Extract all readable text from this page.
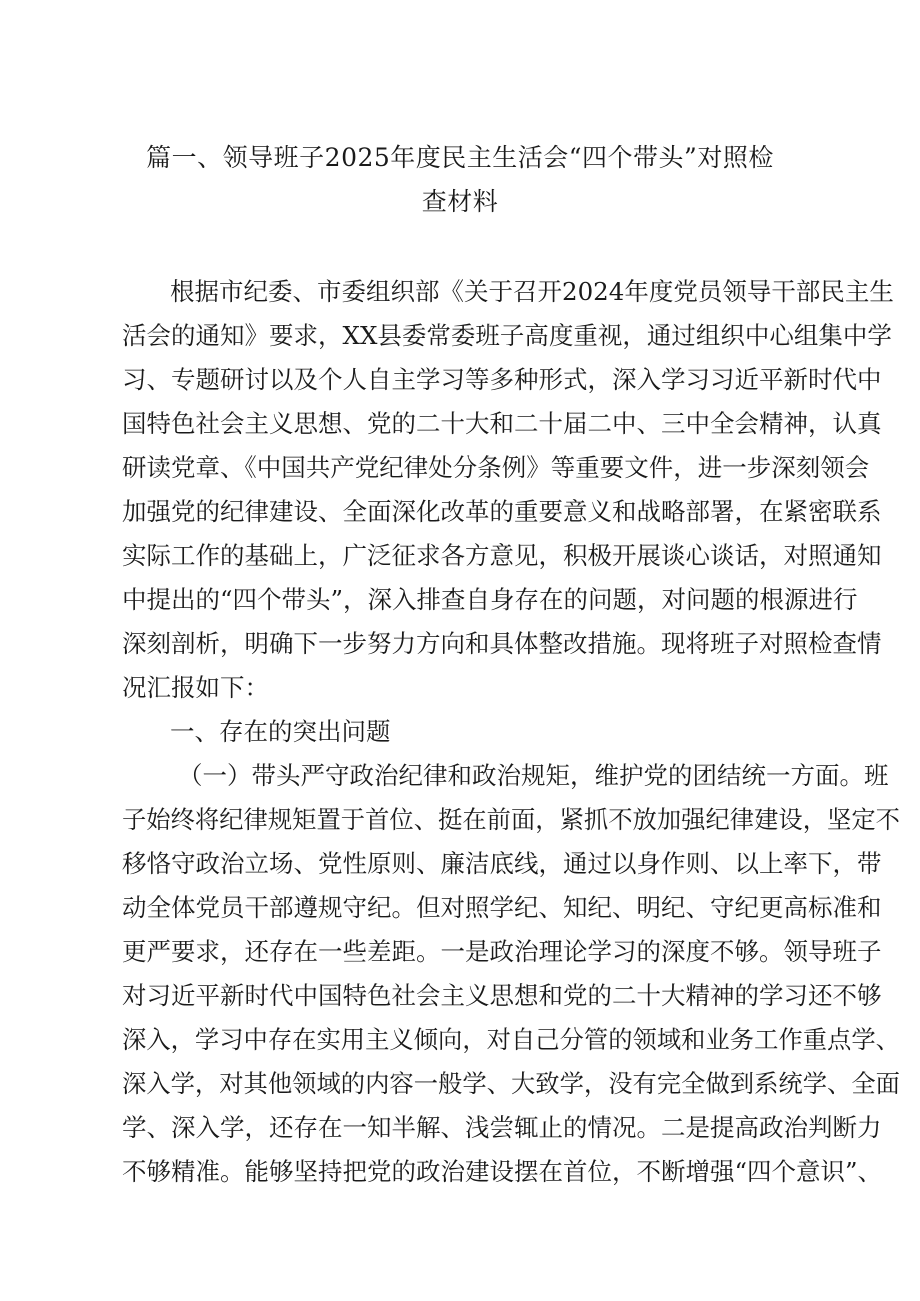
篇一、领导班子2025年度民主生活会“四个带头”对照检
查材料
根据市纪委、市委组织部《关于召开2024年度党员领导干部民主生
活会的通知》要求，XX县委常委班子高度重视，通过组织中心组集中学
习、专题研讨以及个人自主学习等多种形式，深入学习习近平新时代中
国特色社会主义思想、党的二十大和二十届二中、三中全会精神，认真
研读党章、《中国共产党纪律处分条例》等重要文件，进一步深刻领会
加强党的纪律建设、全面深化改革的重要意义和战略部署，在紧密联系
实际工作的基础上，广泛征求各方意见，积极开展谈心谈话，对照通知
中提出的“四个带头”，深入排查自身存在的问题，对问题的根源进行
深刻剖析，明确下一步努力方向和具体整改措施。现将班子对照检查情
况汇报如下：
一、存在的突出问题
（一）带头严守政治纪律和政治规矩，维护党的团结统一方面。班
子始终将纪律规矩置于首位、挺在前面，紧抓不放加强纪律建设，坚定不
移恪守政治立场、党性原则、廉洁底线，通过以身作则、以上率下，带
动全体党员干部遵规守纪。但对照学纪、知纪、明纪、守纪更高标准和
更严要求，还存在一些差距。一是政治理论学习的深度不够。领导班子
对习近平新时代中国特色社会主义思想和党的二十大精神的学习还不够
深入，学习中存在实用主义倾向，对自己分管的领域和业务工作重点学、
深入学，对其他领域的内容一般学、大致学，没有完全做到系统学、全面
学、深入学，还存在一知半解、浅尝辄止的情况。二是提高政治判断力
不够精准。能够坚持把党的政治建设摆在首位，不断增强“四个意识”、
